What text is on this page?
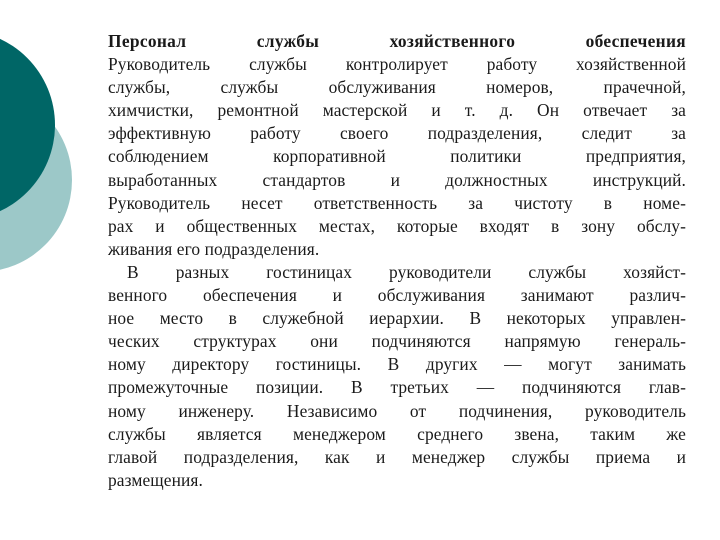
Персонал службы хозяйственного обеспечения
Руководитель службы контролирует работу хозяйственной
службы, службы обслуживания номеров, прачечной,
химчистки, ремонтной мастерской и т. д. Он отвечает за
эффективную работу своего подразделения, следит за
соблюдением корпоративной политики предприятия,
выработанных стандартов и должностных инструкций.
Руководитель несет ответственность за чистоту в номе-
рах и общественных местах, которые входят в зону обслу-
живания его подразделения.
В разных гостиницах руководители службы хозяйст-
венного обеспечения и обслуживания занимают различ-
ное место в служебной иерархии. В некоторых управлен-
ческих структурах они подчиняются напрямую генераль-
ному директору гостиницы. В других — могут занимать
промежуточные позиции. В третьих — подчиняются глав-
ному инженеру. Независимо от подчинения, руководитель
службы является менеджером среднего звена, таким же
главой подразделения, как и менеджер службы приема и
размещения.
